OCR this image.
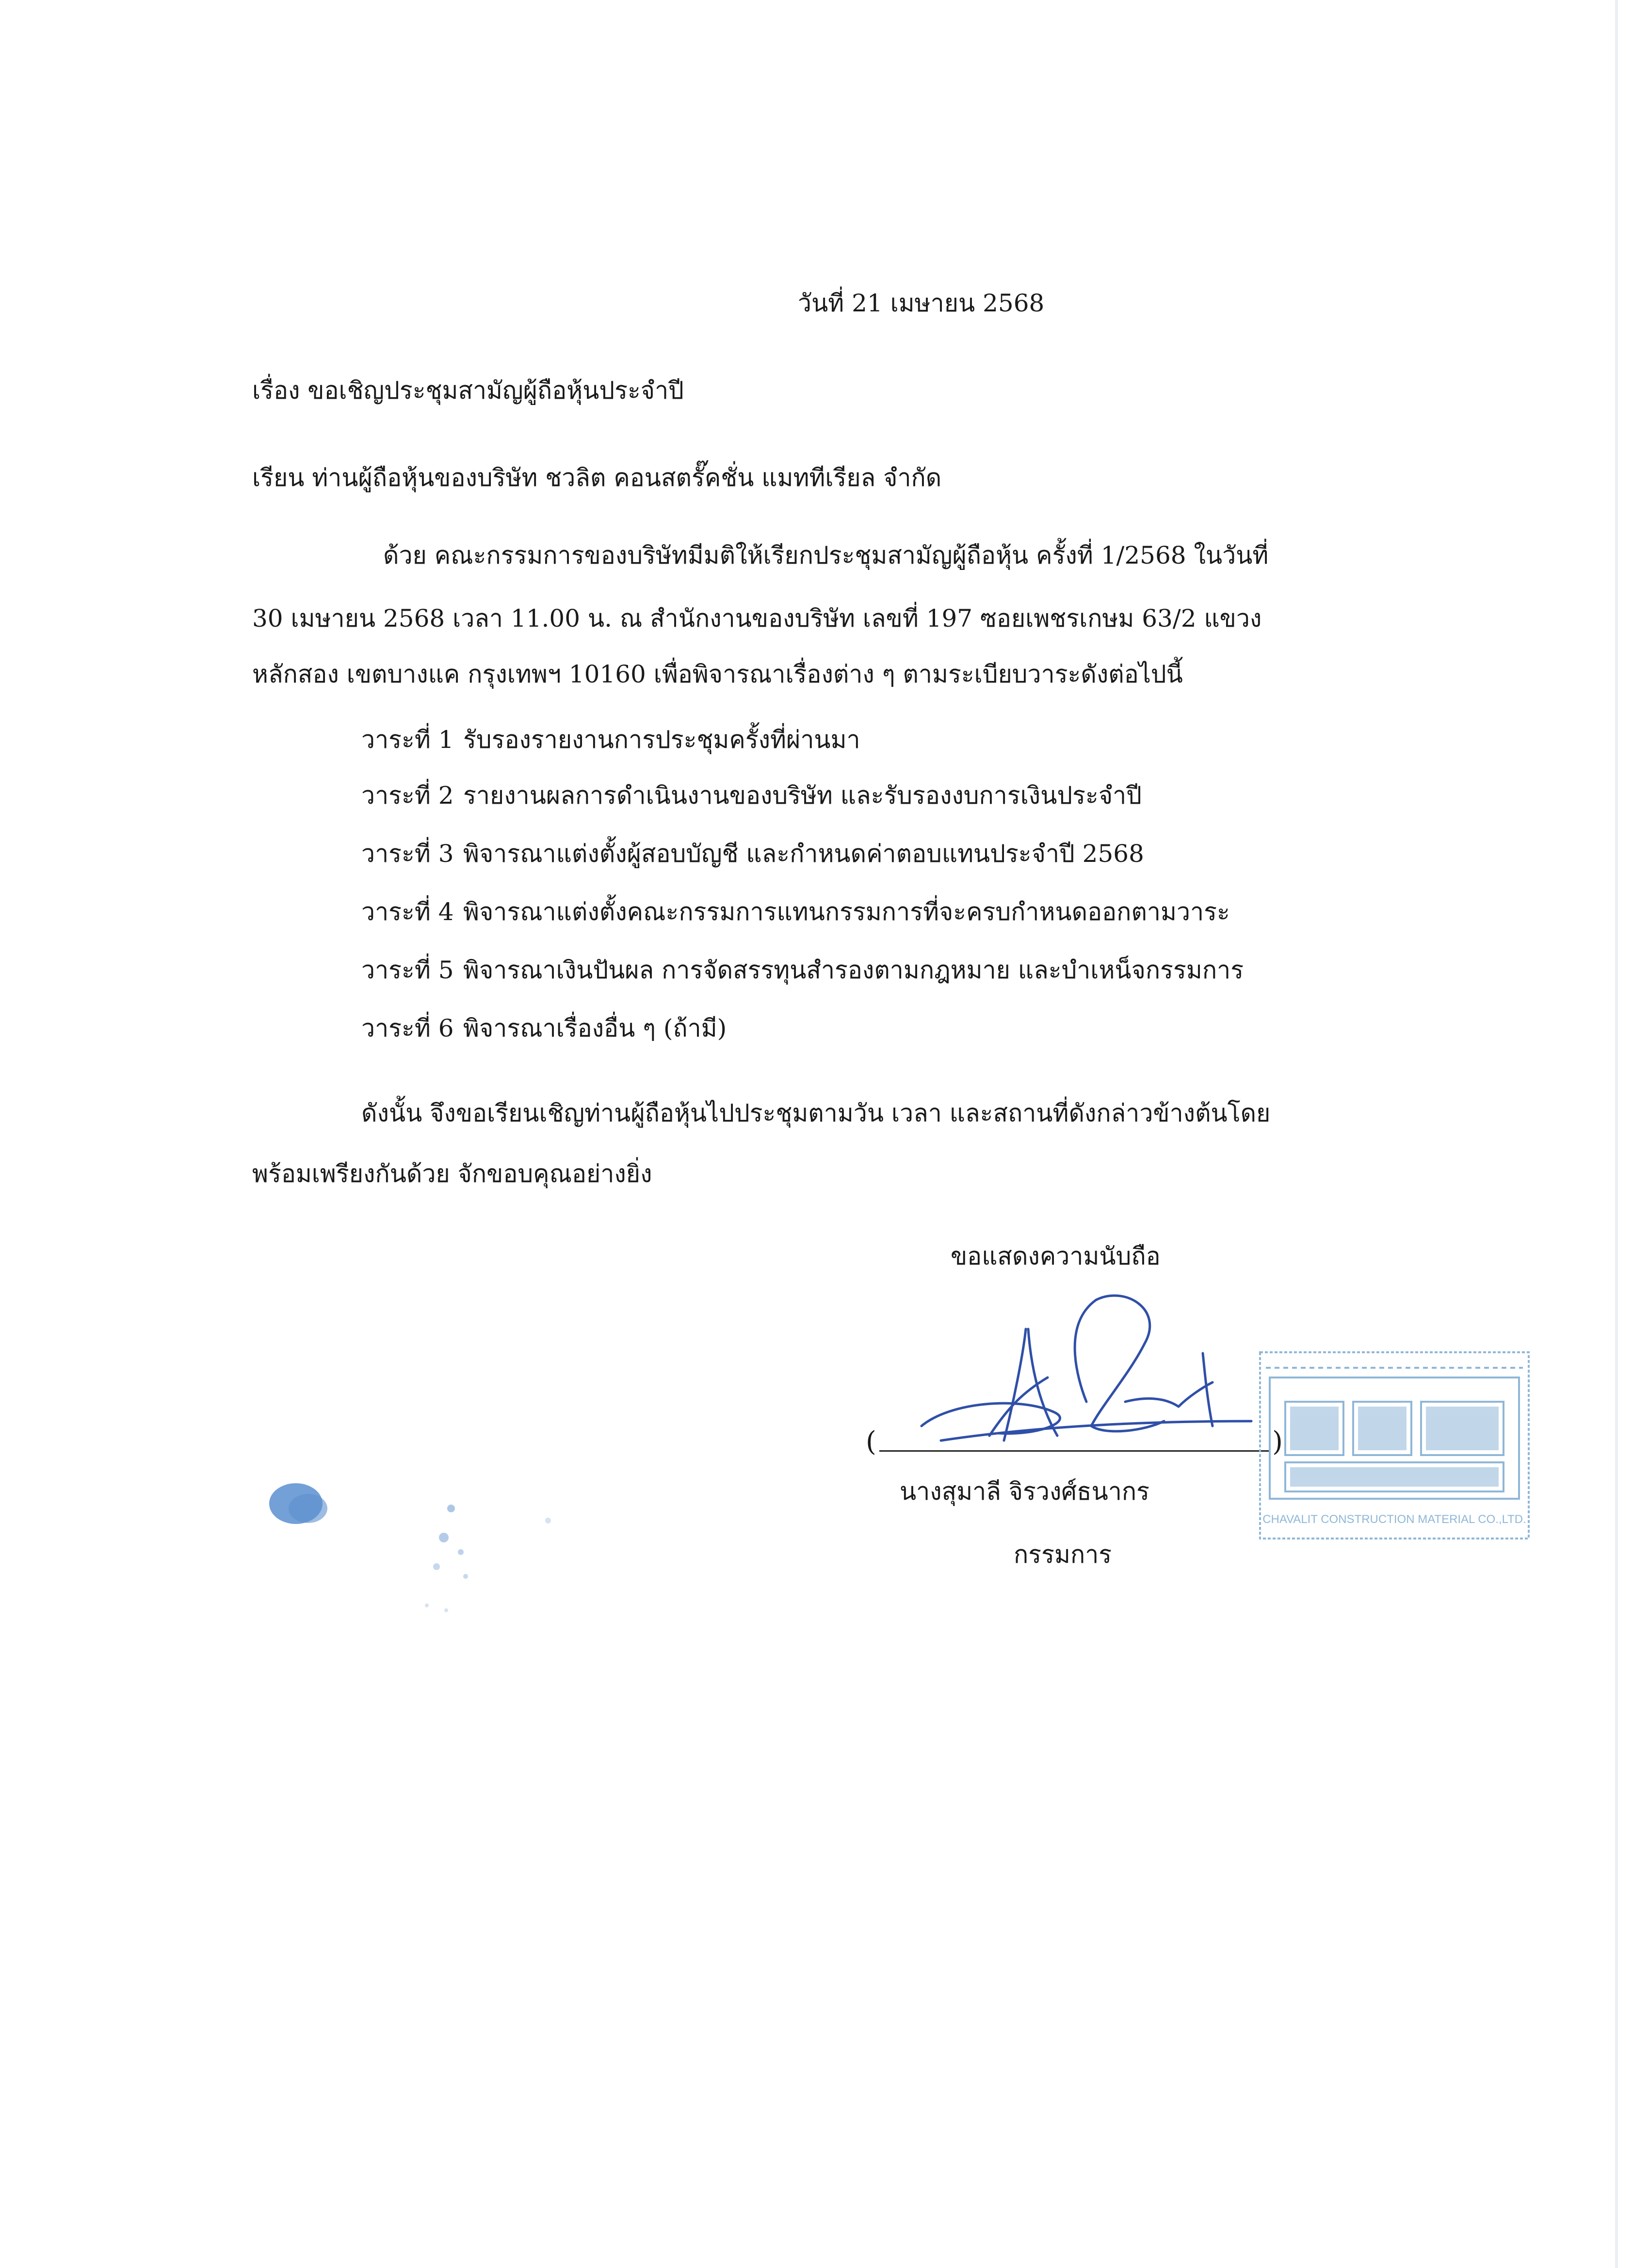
วันที่ 21 เมษายน 2568
เรื่อง ขอเชิญประชุมสามัญผู้ถือหุ้นประจำปี
เรียน ท่านผู้ถือหุ้นของบริษัท ชวลิต คอนสตรั๊คชั่น แมททีเรียล จำกัด
ด้วย คณะกรรมการของบริษัทมีมติให้เรียกประชุมสามัญผู้ถือหุ้น ครั้งที่ 1/2568 ในวันที่
30 เมษายน 2568 เวลา 11.00 น. ณ สำนักงานของบริษัท เลขที่ 197 ซอยเพชรเกษม 63/2 แขวง
หลักสอง เขตบางแค กรุงเทพฯ 10160 เพื่อพิจารณาเรื่องต่าง ๆ ตามระเบียบวาระดังต่อไปนี้
วาระที่ 1 รับรองรายงานการประชุมครั้งที่ผ่านมา
วาระที่ 2 รายงานผลการดำเนินงานของบริษัท และรับรองงบการเงินประจำปี
วาระที่ 3 พิจารณาแต่งตั้งผู้สอบบัญชี และกำหนดค่าตอบแทนประจำปี 2568
วาระที่ 4 พิจารณาแต่งตั้งคณะกรรมการแทนกรรมการที่จะครบกำหนดออกตามวาระ
วาระที่ 5 พิจารณาเงินปันผล การจัดสรรทุนสำรองตามกฎหมาย และบำเหน็จกรรมการ
วาระที่ 6 พิจารณาเรื่องอื่น ๆ (ถ้ามี)
ดังนั้น จึงขอเรียนเชิญท่านผู้ถือหุ้นไปประชุมตามวัน เวลา และสถานที่ดังกล่าวข้างต้นโดย
พร้อมเพรียงกันด้วย จักขอบคุณอย่างยิ่ง
ขอแสดงความนับถือ
(	)
นางสุมาลี จิรวงศ์ธนากร
กรรมการ
CHAVALIT CONSTRUCTION MATERIAL CO.,LTD.
